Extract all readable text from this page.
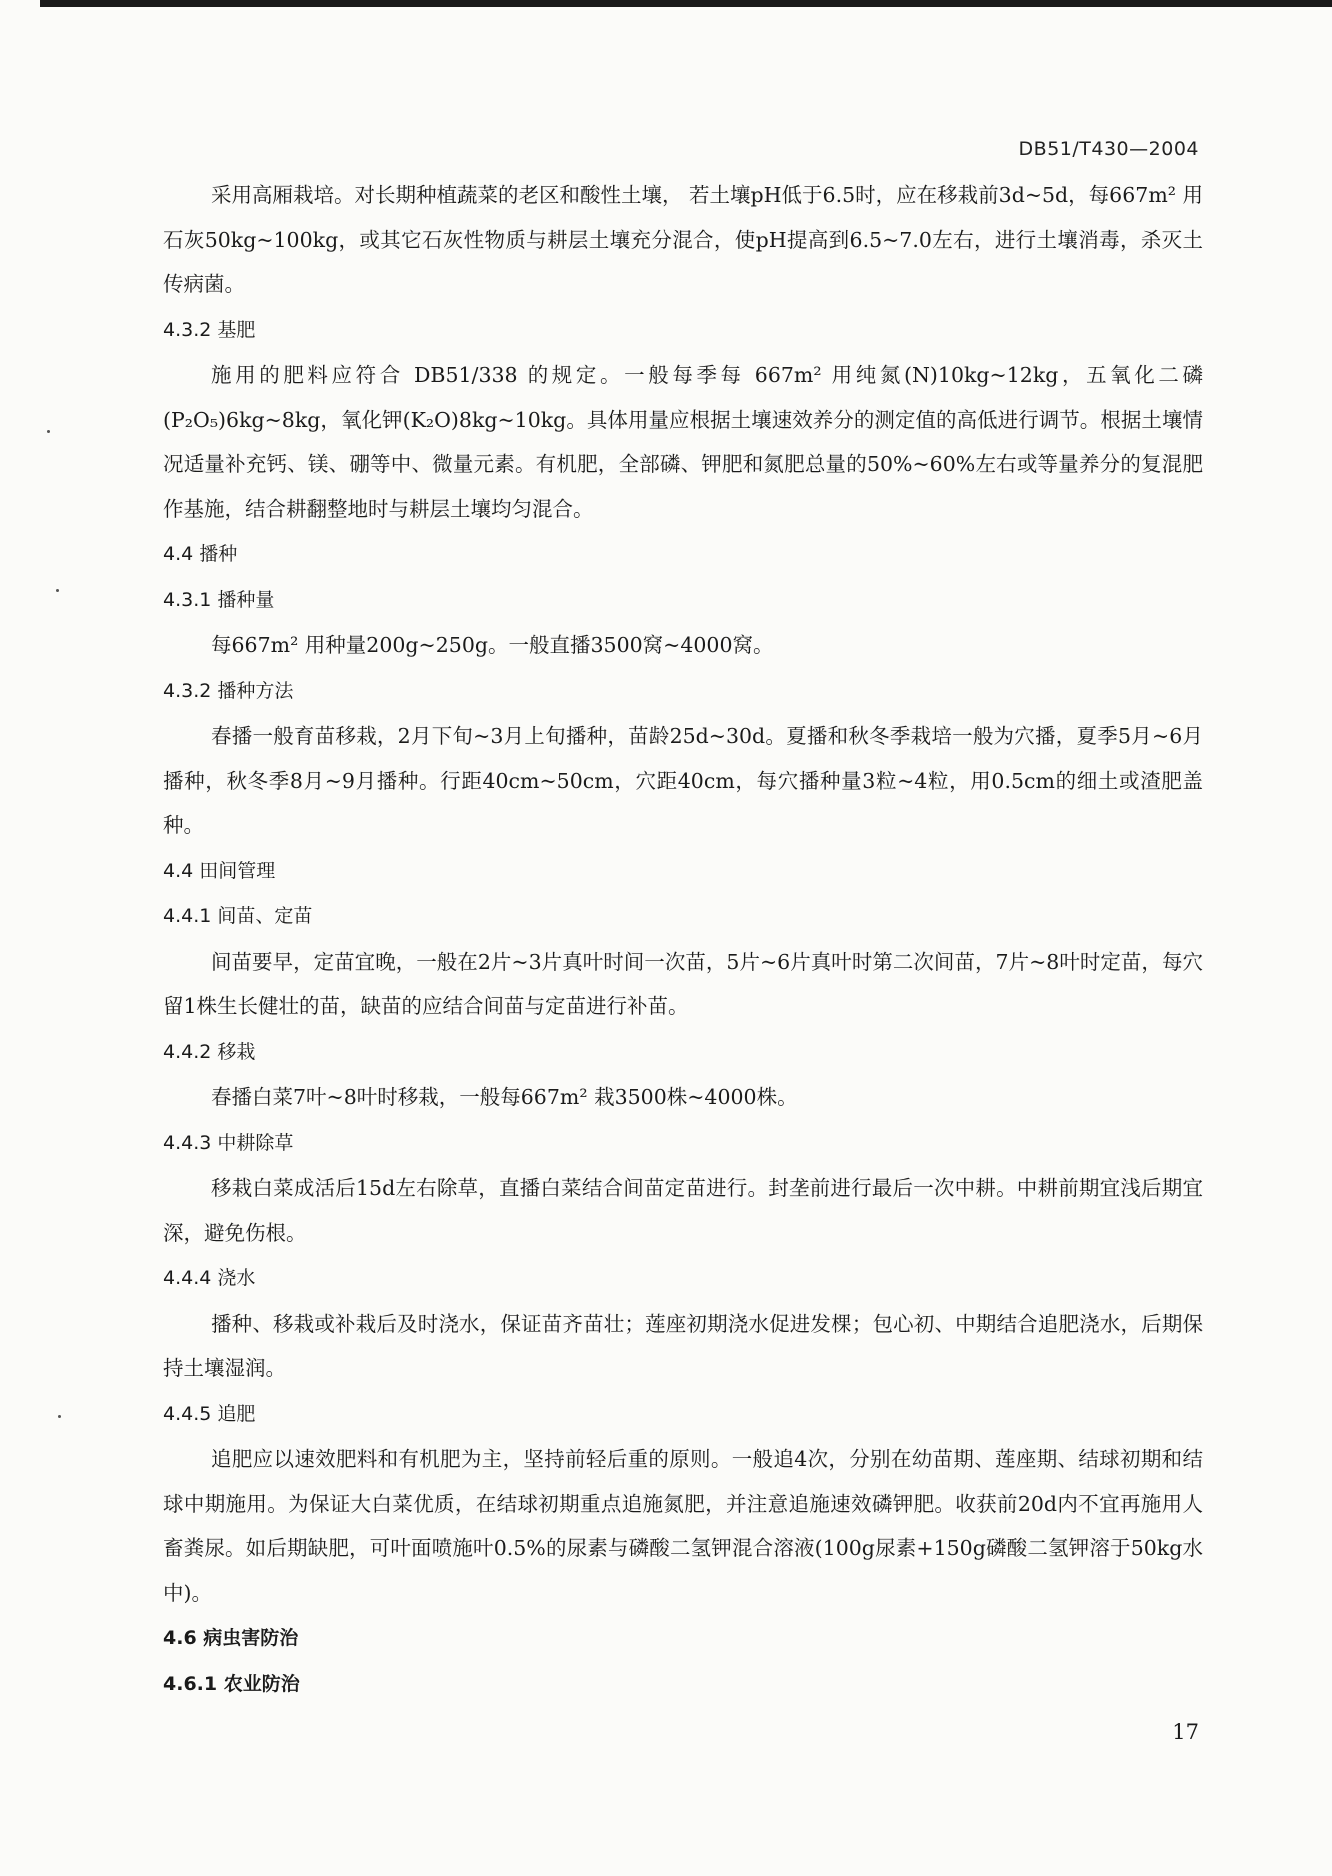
DB51/T430—2004

采用高厢栽培。对长期种植蔬菜的老区和酸性土壤， 若土壤pH低于6.5时，应在移栽前3d~5d，每667m² 用石灰50kg~100kg，或其它石灰性物质与耕层土壤充分混合，使pH提高到6.5~7.0左右，进行土壤消毒，杀灭土传病菌。

4.3.2 基肥

施用的肥料应符合 DB51/338 的规定。一般每季每 667m² 用纯氮(N)10kg~12kg，五氧化二磷(P₂O₅)6kg~8kg，氧化钾(K₂O)8kg~10kg。具体用量应根据土壤速效养分的测定值的高低进行调节。根据土壤情况适量补充钙、镁、硼等中、微量元素。有机肥，全部磷、钾肥和氮肥总量的50%~60%左右或等量养分的复混肥作基施，结合耕翻整地时与耕层土壤均匀混合。

4.4 播种
4.3.1 播种量

每667m² 用种量200g~250g。一般直播3500窝~4000窝。

4.3.2 播种方法

春播一般育苗移栽，2月下旬~3月上旬播种，苗龄25d~30d。夏播和秋冬季栽培一般为穴播，夏季5月~6月播种，秋冬季8月~9月播种。行距40cm~50cm，穴距40cm，每穴播种量3粒~4粒，用0.5cm的细土或渣肥盖种。

4.4 田间管理
4.4.1 间苗、定苗

间苗要早，定苗宜晚，一般在2片~3片真叶时间一次苗，5片~6片真叶时第二次间苗，7片~8叶时定苗，每穴留1株生长健壮的苗，缺苗的应结合间苗与定苗进行补苗。

4.4.2 移栽

春播白菜7叶~8叶时移栽，一般每667m² 栽3500株~4000株。

4.4.3 中耕除草

移栽白菜成活后15d左右除草，直播白菜结合间苗定苗进行。封垄前进行最后一次中耕。中耕前期宜浅后期宜深，避免伤根。

4.4.4 浇水

播种、移栽或补栽后及时浇水，保证苗齐苗壮；莲座初期浇水促进发棵；包心初、中期结合追肥浇水，后期保持土壤湿润。

4.4.5 追肥

追肥应以速效肥料和有机肥为主，坚持前轻后重的原则。一般追4次，分别在幼苗期、莲座期、结球初期和结球中期施用。为保证大白菜优质，在结球初期重点追施氮肥，并注意追施速效磷钾肥。收获前20d内不宜再施用人畜粪尿。如后期缺肥，可叶面喷施叶0.5%的尿素与磷酸二氢钾混合溶液(100g尿素+150g磷酸二氢钾溶于50kg水中)。

4.6 病虫害防治
4.6.1 农业防治
17
